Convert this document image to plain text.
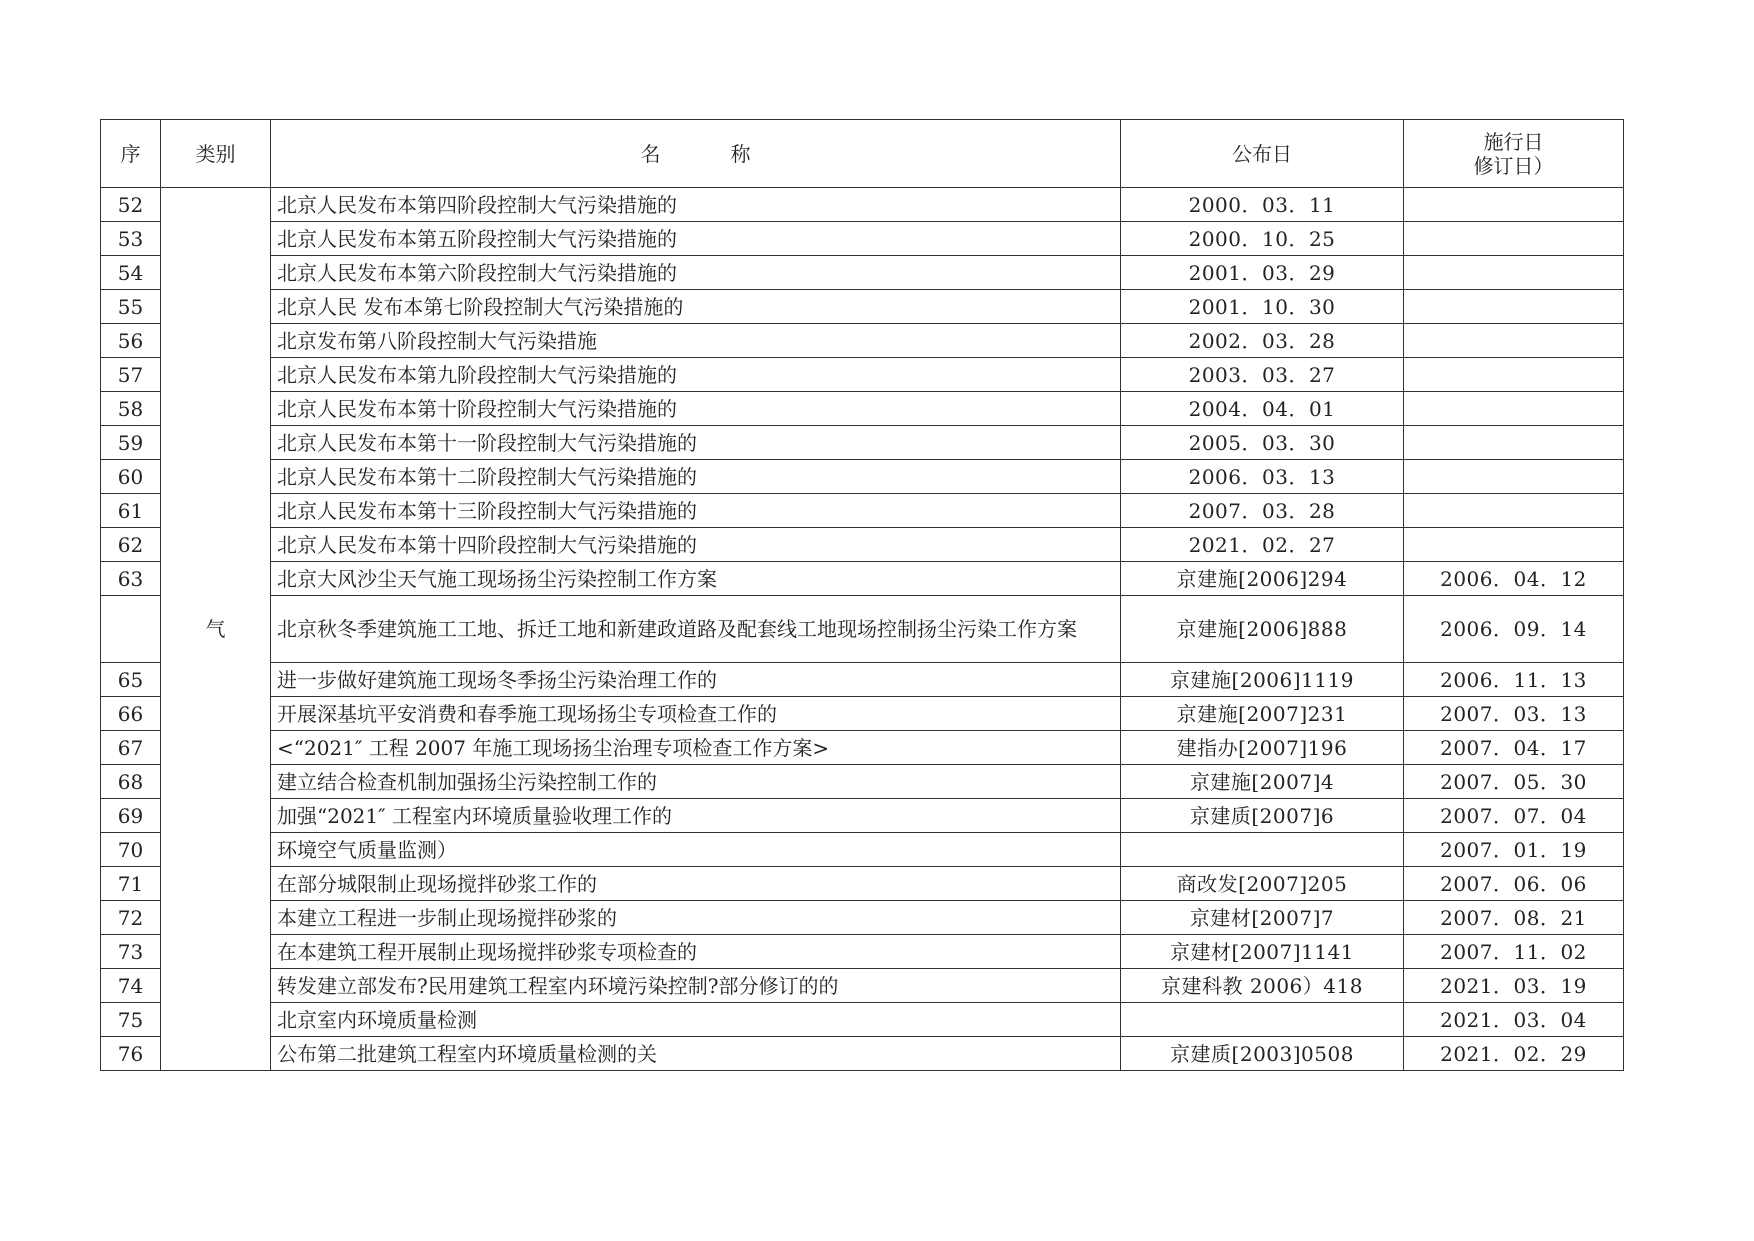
序	类别	名 称	公布日	施行日
修订日）

52	气	北京人民发布本第四阶段控制大气污染措施的	2000．03．11	
53		北京人民发布本第五阶段控制大气污染措施的	2000．10．25	
54		北京人民发布本第六阶段控制大气污染措施的	2001．03．29	
55		北京人民 发布本第七阶段控制大气污染措施的	2001．10．30	
56		北京发布第八阶段控制大气污染措施	2002．03．28	
57		北京人民发布本第九阶段控制大气污染措施的	2003．03．27	
58		北京人民发布本第十阶段控制大气污染措施的	2004．04．01	
59		北京人民发布本第十一阶段控制大气污染措施的	2005．03．30	
60		北京人民发布本第十二阶段控制大气污染措施的	2006．03．13	
61		北京人民发布本第十三阶段控制大气污染措施的	2007．03．28	
62		北京人民发布本第十四阶段控制大气污染措施的	2021．02．27	
63		北京大风沙尘天气施工现场扬尘污染控制工作方案	京建施[2006]294	2006．04．12
		北京秋冬季建筑施工工地、拆迁工地和新建政道路及配套线工地现场控制扬尘污染工作方案	京建施[2006]888	2006．09．14
65		进一步做好建筑施工现场冬季扬尘污染治理工作的	京建施[2006]1119	2006．11．13
66		开展深基坑平安消费和春季施工现场扬尘专项检查工作的	京建施[2007]231	2007．03．13
67		<“2021″ 工程 2007 年施工现场扬尘治理专项检查工作方案>	建指办[2007]196	2007．04．17
68		建立结合检查机制加强扬尘污染控制工作的	京建施[2007]4	2007．05．30
69		加强“2021″ 工程室内环境质量验收理工作的	京建质[2007]6	2007．07．04
70		环境空气质量监测）		2007．01．19
71		在部分城限制止现场搅拌砂浆工作的	商改发[2007]205	2007．06．06
72		本建立工程进一步制止现场搅拌砂浆的	京建材[2007]7	2007．08．21
73		在本建筑工程开展制止现场搅拌砂浆专项检查的	京建材[2007]1141	2007．11．02
74		转发建立部发布?民用建筑工程室内环境污染控制?部分修订的的	京建科教 2006）418	2021．03．19
75		北京室内环境质量检测		2021．03．04
76		公布第二批建筑工程室内环境质量检测的关	京建质[2003]0508	2021．02．29
